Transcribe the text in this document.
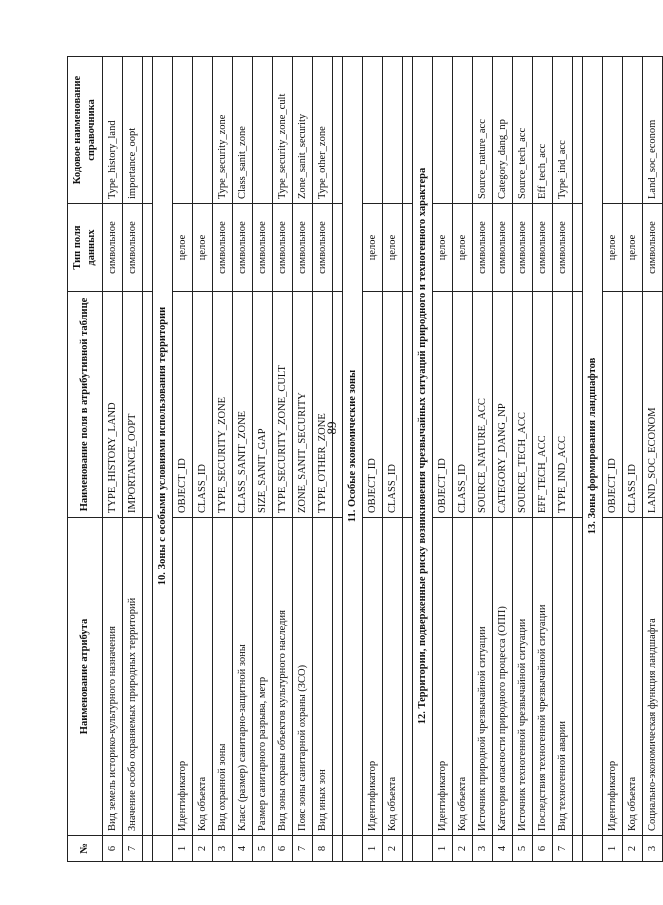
89
№	Наименование атрибута	Наименование поля в атрибутивной таблице	Тип поля данных	Кодовое наименование справочника
6	Вид земель историко-культурного назначения	TYPE_HISTORY_LAND	символьное	Type_history_land
7	Значение особо охраняемых природных территорий	IMPORTANCE_OOPT	символьное	importance_oopt

	10. Зоны с особыми условиями использования территории			
1	Идентификатор	OBJECT_ID	целое	
2	Код объекта	CLASS_ID	целое	
3	Вид охранной зоны	TYPE_SECURITY_ZONE	символьное	Type_security_zone
4	Класс (размер) санитарно-защитной зоны	CLASS_SANIT_ZONE	символьное	Class_sanit_zone
5	Размер санитарного разрыва, метр	SIZE_SANIT_GAP	символьное	
6	Вид зоны охраны объектов культурного наследия	TYPE_SECURITY_ZONE_CULT	символьное	Type_security_zone_cult
7	Пояс зоны санитарной охраны (ЗСО)	ZONE_SANIT_SECURITY	символьное	Zone_sanit_security
8	Вид иных зон	TYPE_OTHER_ZONE	символьное	Type_other_zone

	11. Особые экономические зоны			
1	Идентификатор	OBJECT_ID	целое	
2	Код объекта	CLASS_ID	целое	

	12. Территории, подверженные риску возникновения чрезвычайных ситуаций природного и техногенного характера			
1	Идентификатор	OBJECT_ID	целое	
2	Код объекта	CLASS_ID	целое	
3	Источник природной чрезвычайной ситуации	SOURCE_NATURE_ACC	символьное	Source_nature_acc
4	Категория опасности природного процесса (ОПП)	CATEGORY_DANG_NP	символьное	Category_dang_np
5	Источник техногенной чрезвычайной ситуации	SOURCE_TECH_ACC	символьное	Source_tech_acc
6	Последствия техногенной чрезвычайной ситуации	EFF_TECH_ACC	символьное	Eff_tech_acc
7	Вид техногенной аварии	TYPE_IND_ACC	символьное	Type_ind_acc

	13. Зоны формирования ландшафтов			
1	Идентификатор	OBJECT_ID	целое	
2	Код объекта	CLASS_ID	целое	
3	Социально-экономическая функция ландшафта	LAND_SOC_ECONOM	символьное	Land_soc_econom
